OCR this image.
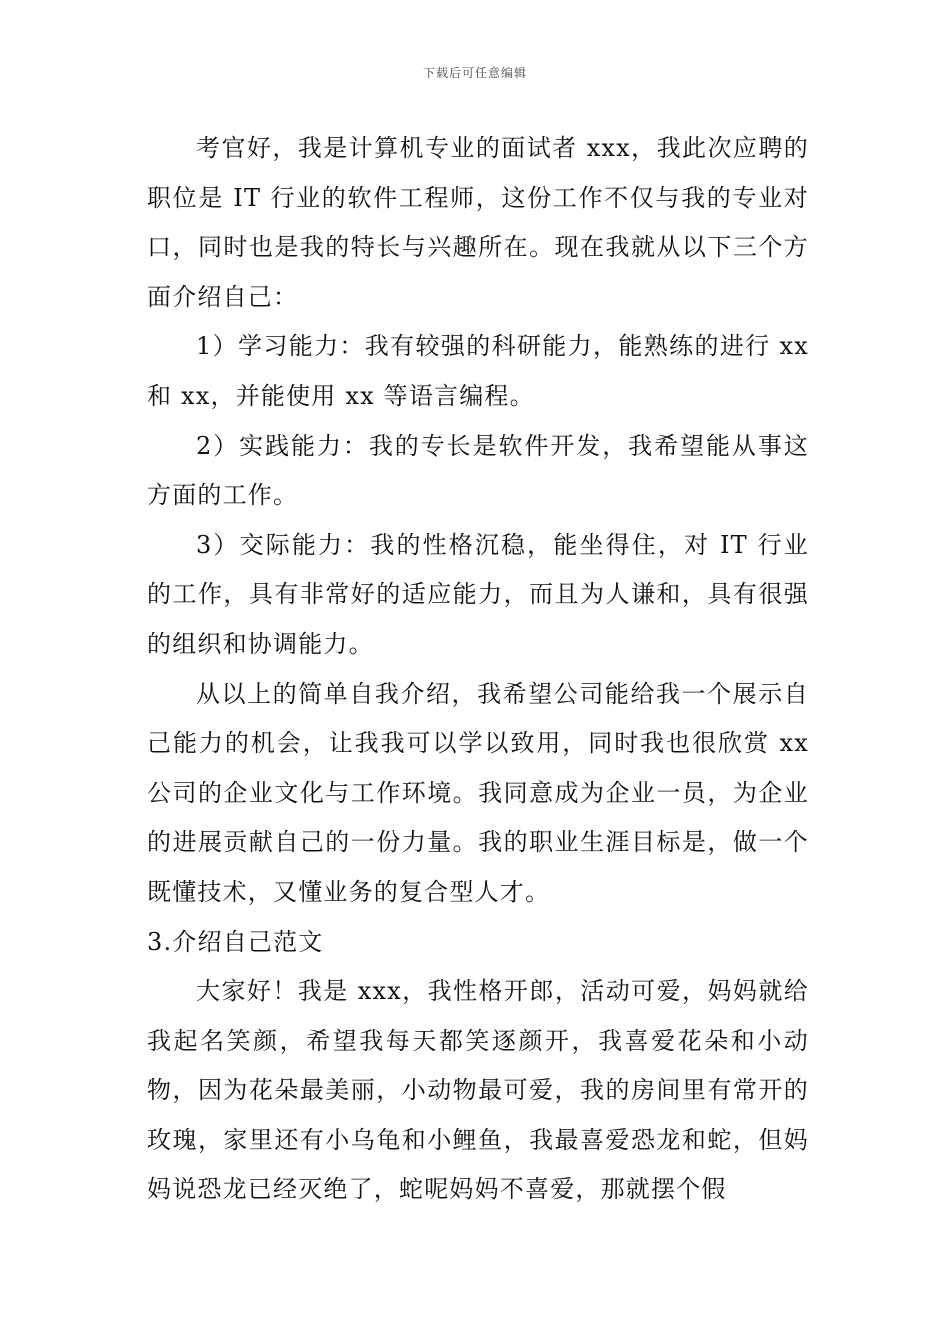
下载后可任意编辑

考官好，我是计算机专业的面试者 xxx，我此次应聘的职位是 IT 行业的软件工程师，这份工作不仅与我的专业对口，同时也是我的特长与兴趣所在。现在我就从以下三个方面介绍自己：

1）学习能力：我有较强的科研能力，能熟练的进行 xx 和 xx，并能使用 xx 等语言编程。

2）实践能力：我的专长是软件开发，我希望能从事这方面的工作。

3）交际能力：我的性格沉稳，能坐得住，对 IT 行业的工作，具有非常好的适应能力，而且为人谦和，具有很强的组织和协调能力。

从以上的简单自我介绍，我希望公司能给我一个展示自己能力的机会，让我我可以学以致用，同时我也很欣赏 xx 公司的企业文化与工作环境。我同意成为企业一员，为企业的进展贡献自己的一份力量。我的职业生涯目标是，做一个既懂技术，又懂业务的复合型人才。

3.介绍自己范文

大家好！我是 xxx，我性格开郎，活动可爱，妈妈就给我起名笑颜，希望我每天都笑逐颜开，我喜爱花朵和小动物，因为花朵最美丽，小动物最可爱，我的房间里有常开的玫瑰，家里还有小乌龟和小鲤鱼，我最喜爱恐龙和蛇，但妈妈说恐龙已经灭绝了，蛇呢妈妈不喜爱，那就摆个假
